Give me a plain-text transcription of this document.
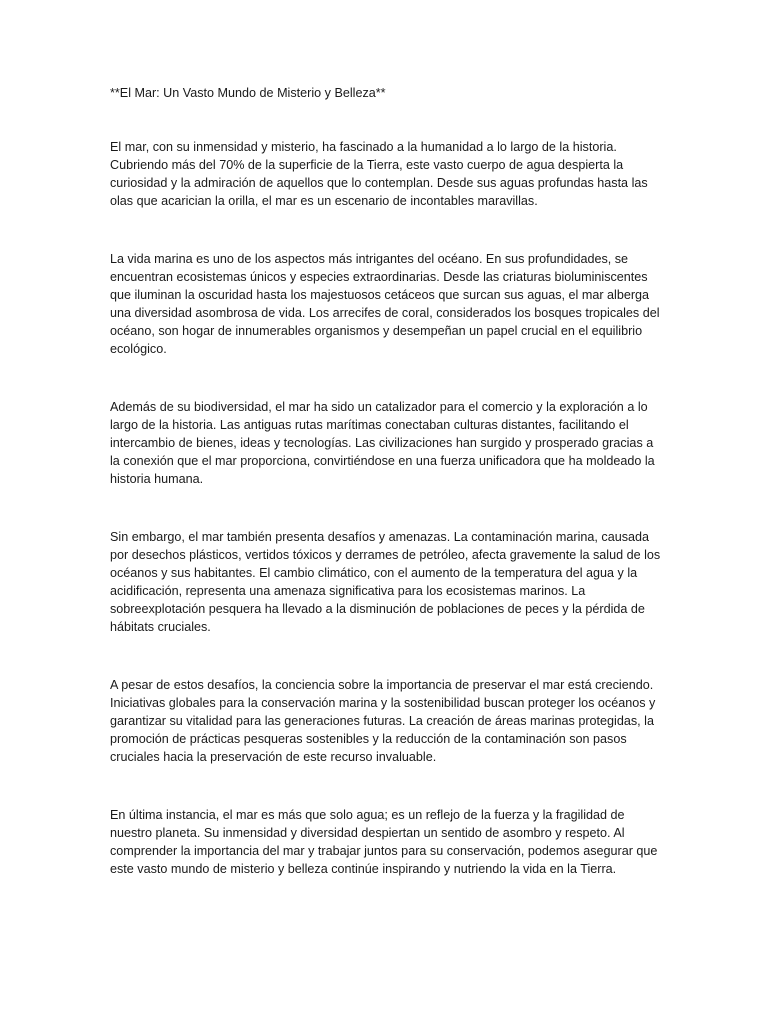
**El Mar: Un Vasto Mundo de Misterio y Belleza**

El mar, con su inmensidad y misterio, ha fascinado a la humanidad a lo largo de la historia. Cubriendo más del 70% de la superficie de la Tierra, este vasto cuerpo de agua despierta la curiosidad y la admiración de aquellos que lo contemplan. Desde sus aguas profundas hasta las olas que acarician la orilla, el mar es un escenario de incontables maravillas.

La vida marina es uno de los aspectos más intrigantes del océano. En sus profundidades, se encuentran ecosistemas únicos y especies extraordinarias. Desde las criaturas bioluminiscentes que iluminan la oscuridad hasta los majestuosos cetáceos que surcan sus aguas, el mar alberga una diversidad asombrosa de vida. Los arrecifes de coral, considerados los bosques tropicales del océano, son hogar de innumerables organismos y desempeñan un papel crucial en el equilibrio ecológico.

Además de su biodiversidad, el mar ha sido un catalizador para el comercio y la exploración a lo largo de la historia. Las antiguas rutas marítimas conectaban culturas distantes, facilitando el intercambio de bienes, ideas y tecnologías. Las civilizaciones han surgido y prosperado gracias a la conexión que el mar proporciona, convirtiéndose en una fuerza unificadora que ha moldeado la historia humana.

Sin embargo, el mar también presenta desafíos y amenazas. La contaminación marina, causada por desechos plásticos, vertidos tóxicos y derrames de petróleo, afecta gravemente la salud de los océanos y sus habitantes. El cambio climático, con el aumento de la temperatura del agua y la acidificación, representa una amenaza significativa para los ecosistemas marinos. La sobreexplotación pesquera ha llevado a la disminución de poblaciones de peces y la pérdida de hábitats cruciales.

A pesar de estos desafíos, la conciencia sobre la importancia de preservar el mar está creciendo. Iniciativas globales para la conservación marina y la sostenibilidad buscan proteger los océanos y garantizar su vitalidad para las generaciones futuras. La creación de áreas marinas protegidas, la promoción de prácticas pesqueras sostenibles y la reducción de la contaminación son pasos cruciales hacia la preservación de este recurso invaluable.

En última instancia, el mar es más que solo agua; es un reflejo de la fuerza y la fragilidad de nuestro planeta. Su inmensidad y diversidad despiertan un sentido de asombro y respeto. Al comprender la importancia del mar y trabajar juntos para su conservación, podemos asegurar que este vasto mundo de misterio y belleza continúe inspirando y nutriendo la vida en la Tierra.
